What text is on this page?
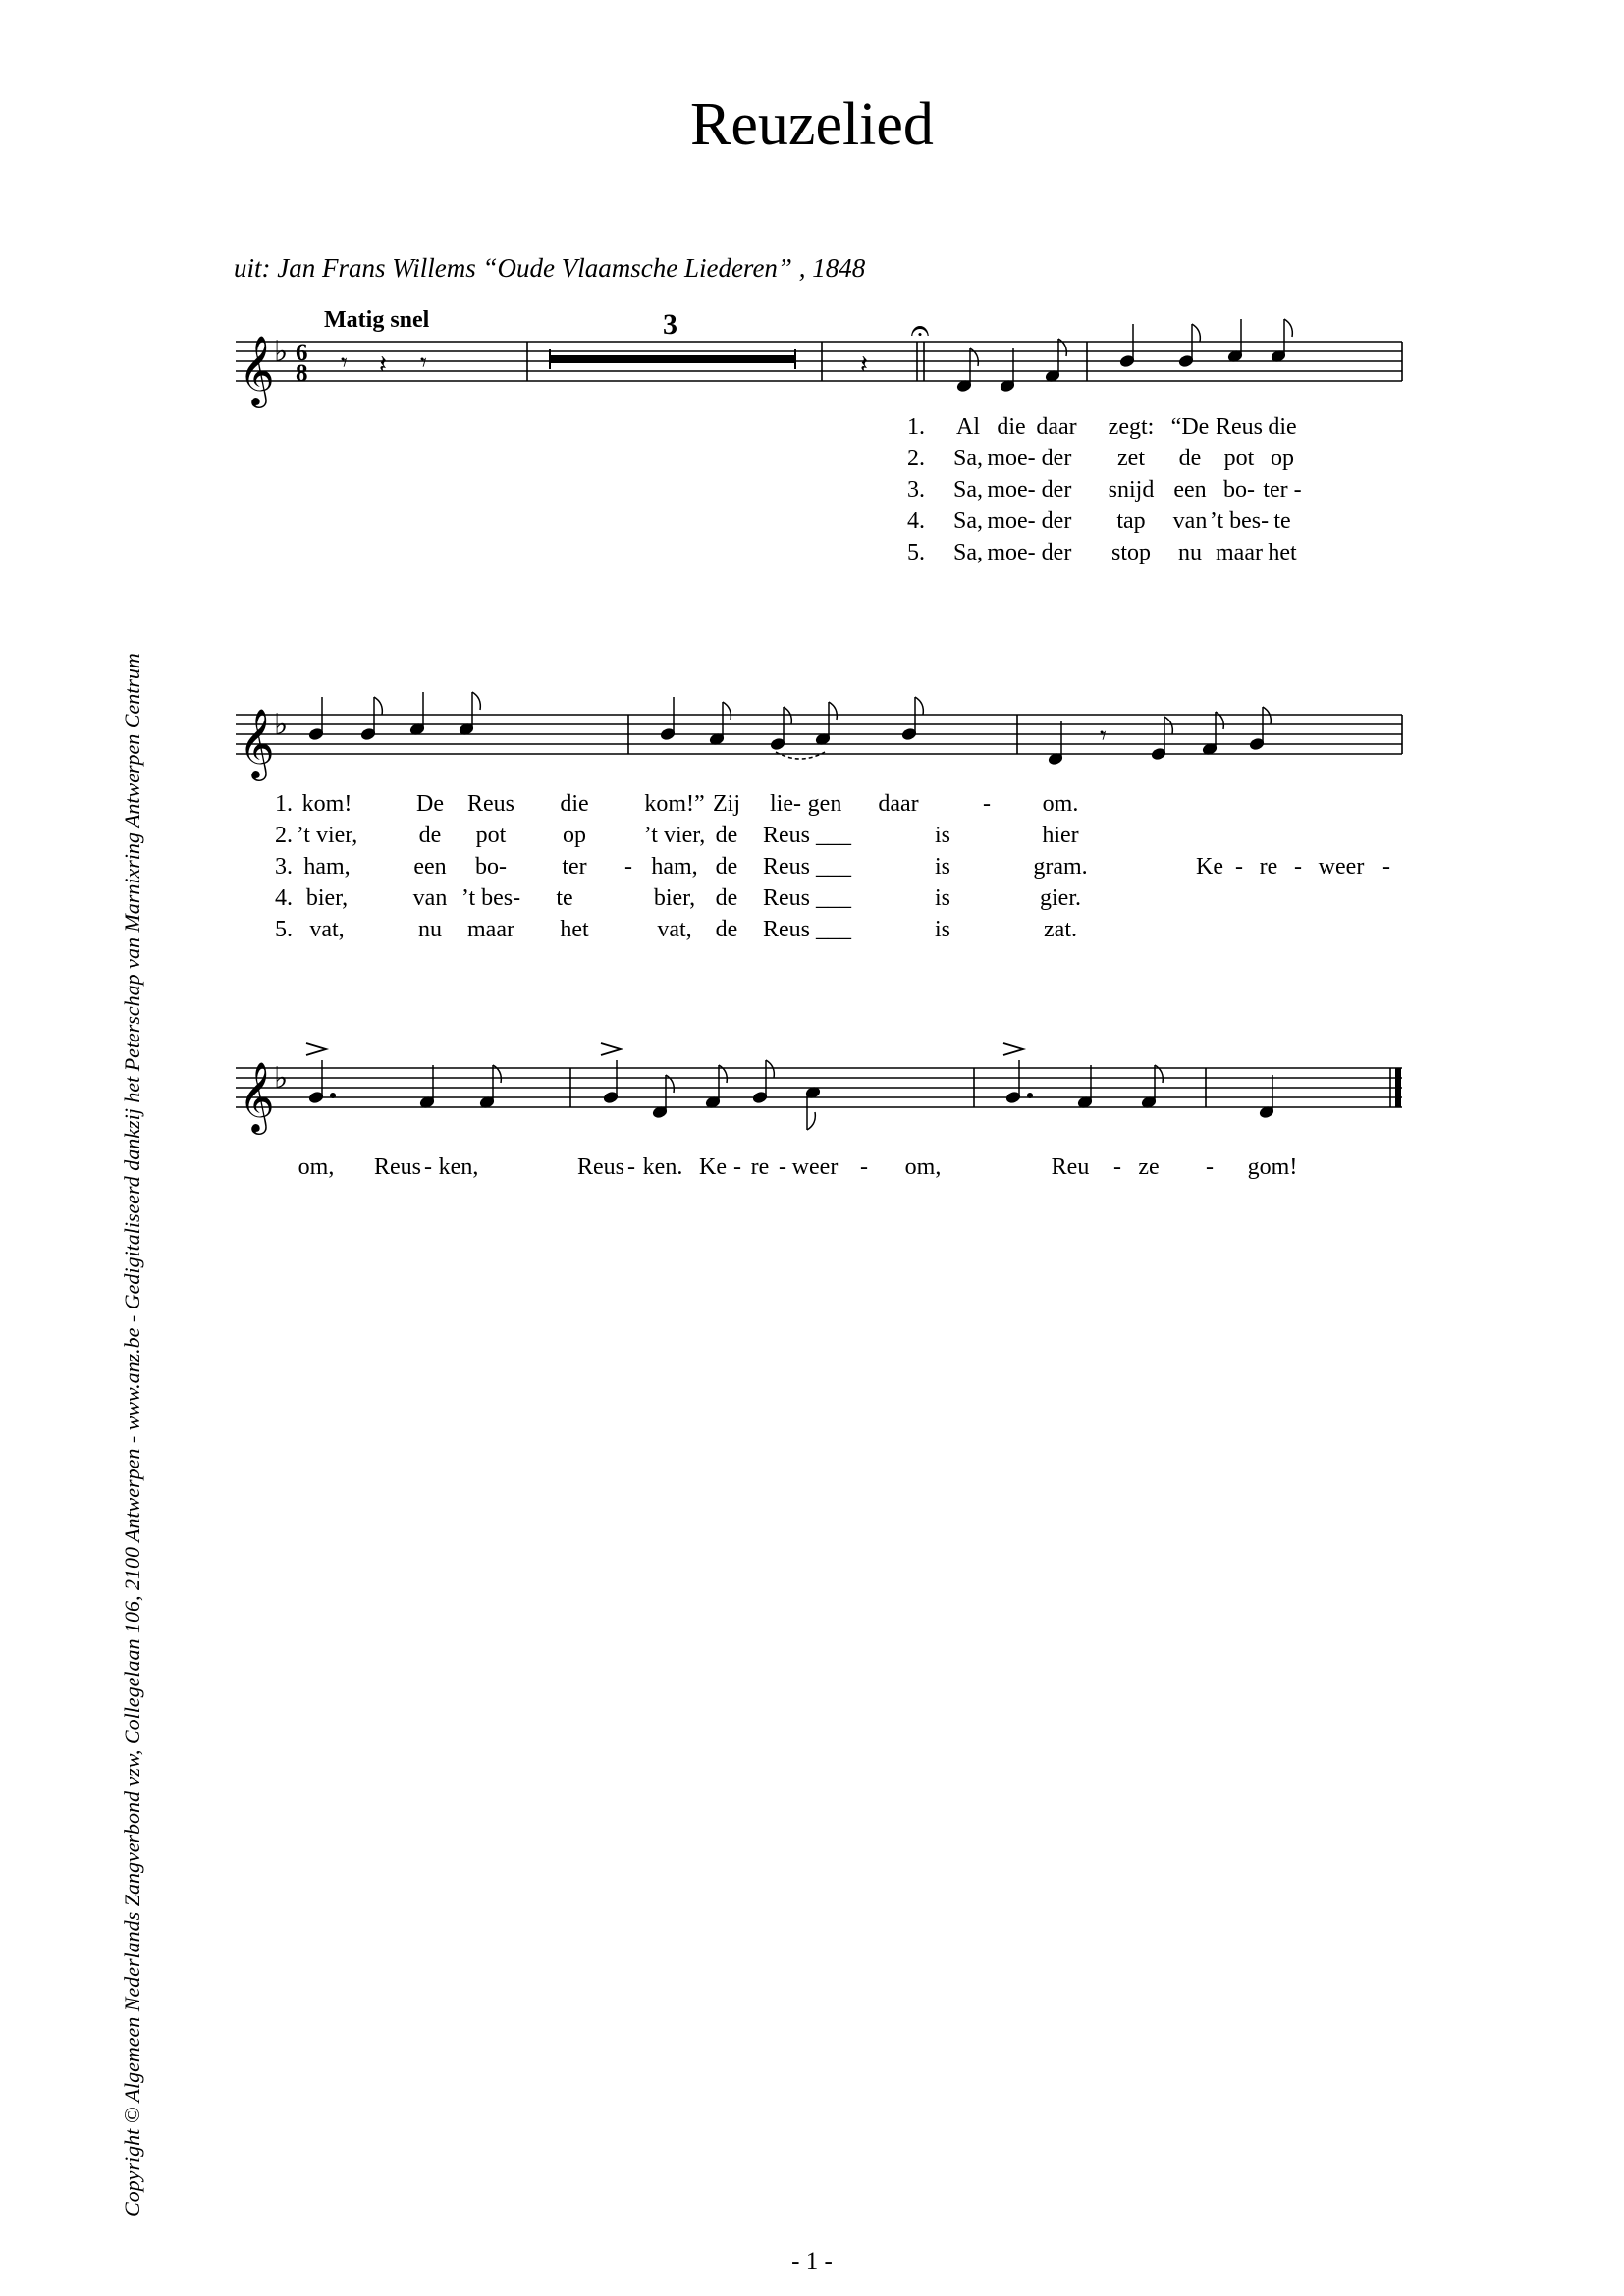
Reuzelied
uit: Jan Frans Willems “Oude Vlaamsche Liederen” , 1848
Matig snel
Copyright © Algemeen Nederlands Zangverbond vzw, Collegelaan 106, 2100 Antwerpen - www.anz.be - Gedigitaliseerd dankzij het Peterschap van Marnixring Antwerpen Centrum
- 1 -
𝄞 ♭ 6
8 𝄾 𝄽 𝄾
3
𝄽
𝄐
1. Al die daar zegt: “De Reus die
2. Sa, moe- der zet de pot op
3. Sa, moe- der snijd een bo- ter -
4. Sa, moe- der tap van ’t bes- te
5. Sa, moe- der stop nu maar het
𝄞 ♭	𝄾
1. kom!	De Reus die kom!” Zij lie- gen daar	- om.
2. ’t vier,	de pot op ’t vier, de Reus ___	is	hier
3. ham,	een bo- ter - ham, de Reus ___	is	gram.	Ke - re - weer -
4. bier,	van ’t bes- te	bier, de Reus ___	is	gier.
5. vat,	nu maar het	vat, de Reus ___	is	zat.
𝄞 ♭
om, Reus - ken,	Reus - ken. Ke - re - weer - om,	Reu - ze - gom!
